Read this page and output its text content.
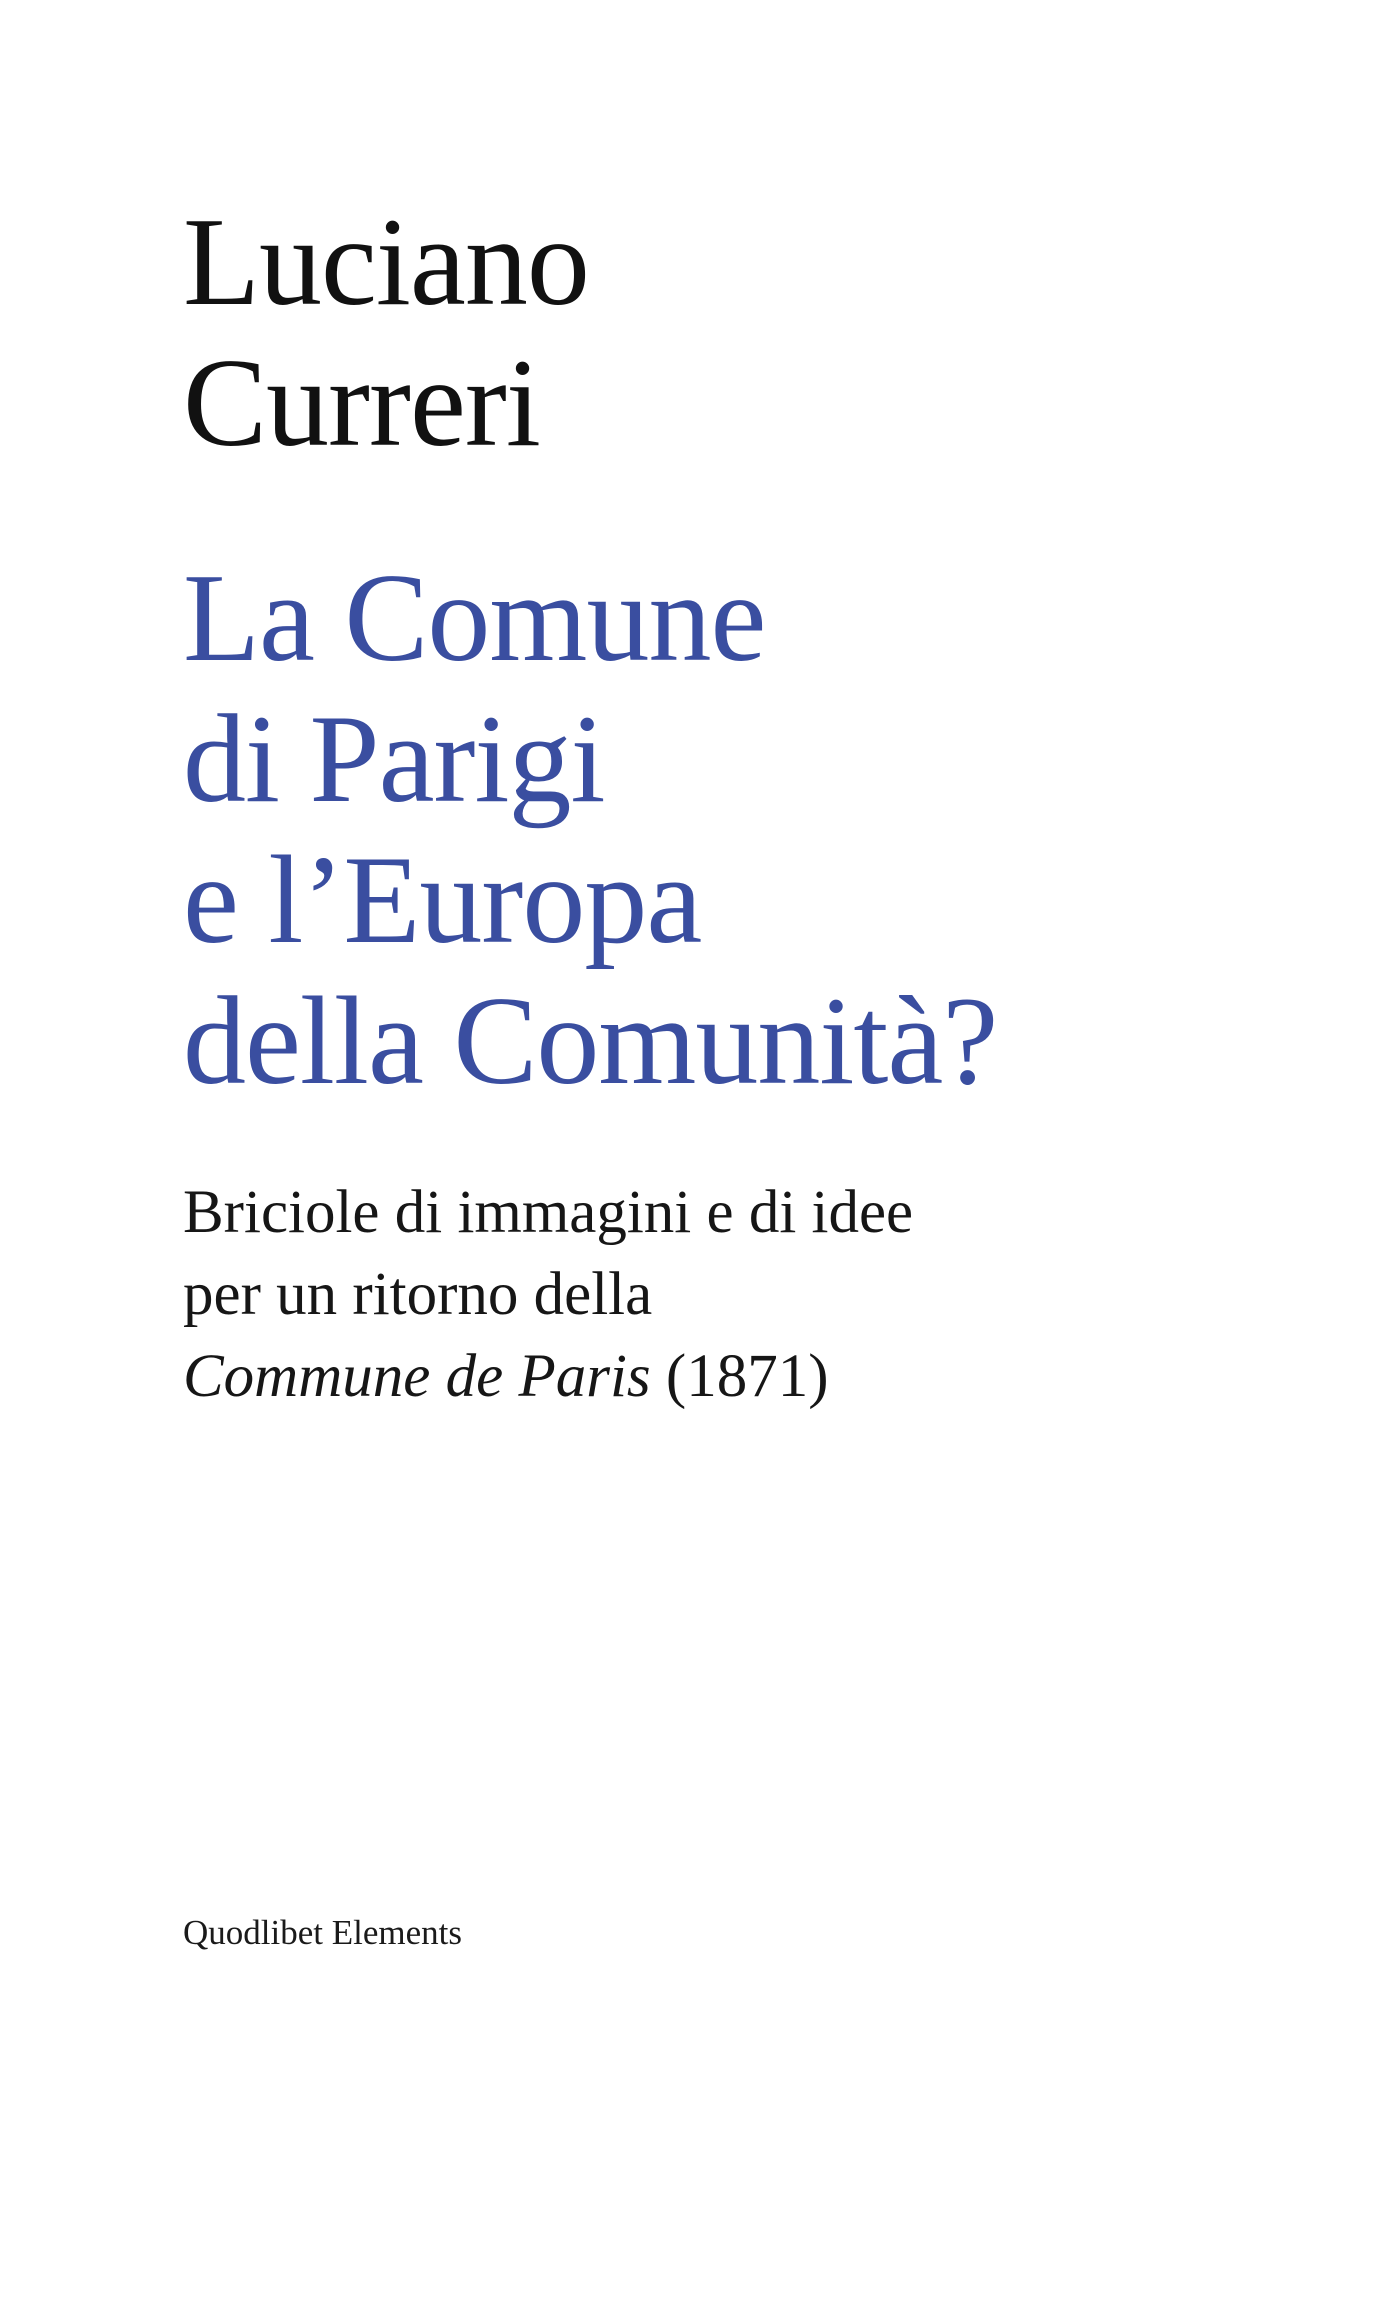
Luciano
Curreri
La Comune
di Parigi
e l’Europa
della Comunità?

Briciole di immagini e di idee
per un ritorno della
Commune de Paris (1871)

Quodlibet Elements
